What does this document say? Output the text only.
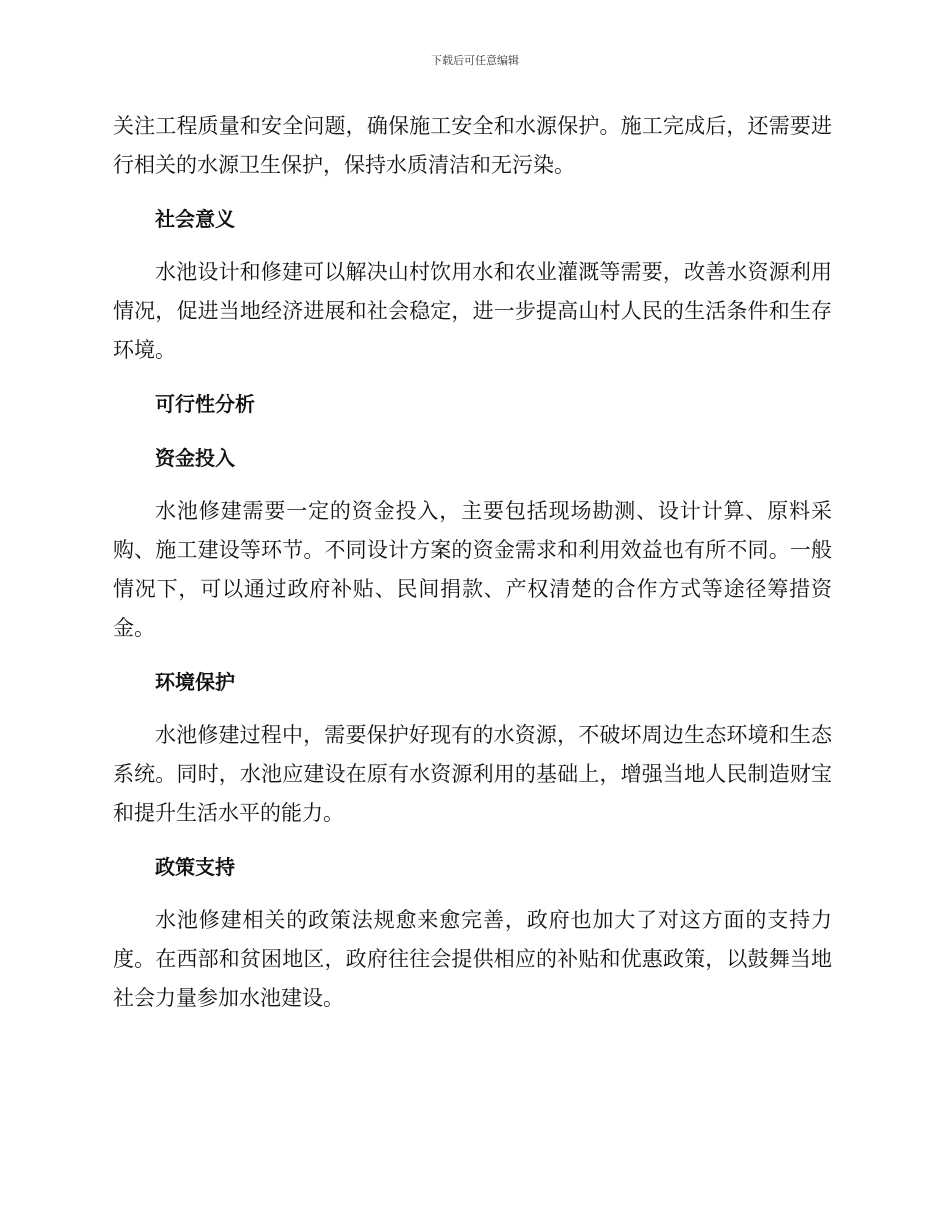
下载后可任意编辑

关注工程质量和安全问题，确保施工安全和水源保护。施工完成后，还需要进行相关的水源卫生保护，保持水质清洁和无污染。

社会意义

水池设计和修建可以解决山村饮用水和农业灌溉等需要，改善水资源利用情况，促进当地经济进展和社会稳定，进一步提高山村人民的生活条件和生存环境。

可行性分析
资金投入

水池修建需要一定的资金投入，主要包括现场勘测、设计计算、原料采购、施工建设等环节。不同设计方案的资金需求和利用效益也有所不同。一般情况下，可以通过政府补贴、民间捐款、产权清楚的合作方式等途径筹措资金。

环境保护

水池修建过程中，需要保护好现有的水资源，不破坏周边生态环境和生态系统。同时，水池应建设在原有水资源利用的基础上，增强当地人民制造财宝和提升生活水平的能力。

政策支持

水池修建相关的政策法规愈来愈完善，政府也加大了对这方面的支持力度。在西部和贫困地区，政府往往会提供相应的补贴和优惠政策，以鼓舞当地社会力量参加水池建设。
